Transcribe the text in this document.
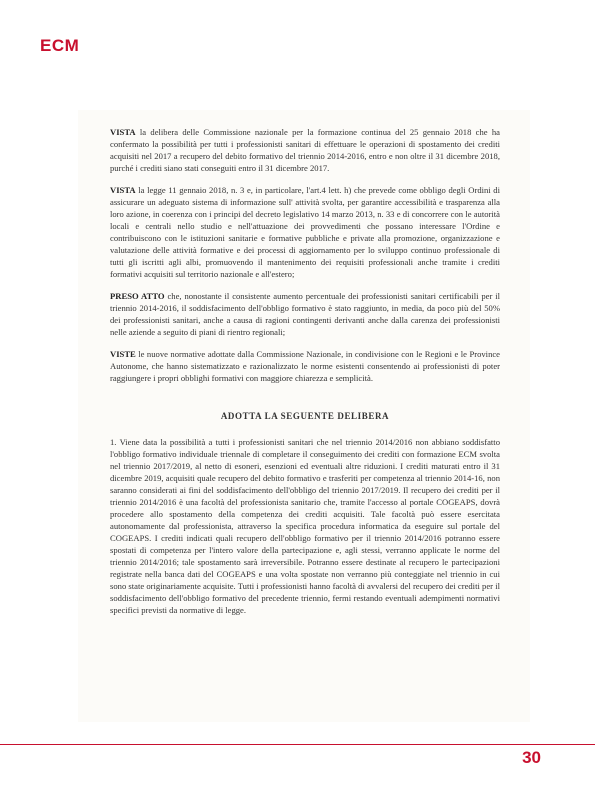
ECM

VISTA la delibera delle Commissione nazionale per la formazione continua del 25 gennaio 2018 che ha confermato la possibilità per tutti i professionisti sanitari di effettuare le operazioni di spostamento dei crediti acquisiti nel 2017 a recupero del debito formativo del triennio 2014-2016, entro e non oltre il 31 dicembre 2018, purché i crediti siano stati conseguiti entro il 31 dicembre 2017.

VISTA la legge 11 gennaio 2018, n. 3 e, in particolare, l'art.4 lett. h) che prevede come obbligo degli Ordini di assicurare un adeguato sistema di informazione sull' attività svolta, per garantire accessibilità e trasparenza alla loro azione, in coerenza con i principi del decreto legislativo 14 marzo 2013, n. 33 e di concorrere con le autorità locali e centrali nello studio e nell'attuazione dei provvedimenti che possano interessare l'Ordine e contribuiscono con le istituzioni sanitarie e formative pubbliche e private alla promozione, organizzazione e valutazione delle attività formative e dei processi di aggiornamento per lo sviluppo continuo professionale di tutti gli iscritti agli albi, promuovendo il mantenimento dei requisiti professionali anche tramite i crediti formativi acquisiti sul territorio nazionale e all'estero;

PRESO ATTO che, nonostante il consistente aumento percentuale dei professionisti sanitari certificabili per il triennio 2014-2016, il soddisfacimento dell'obbligo formativo è stato raggiunto, in media, da poco più del 50% dei professionisti sanitari, anche a causa di ragioni contingenti derivanti anche dalla carenza dei professionisti nelle aziende a seguito di piani di rientro regionali;

VISTE le nuove normative adottate dalla Commissione Nazionale, in condivisione con le Regioni e le Province Autonome, che hanno sistematizzato e razionalizzato le norme esistenti consentendo ai professionisti di poter raggiungere i propri obblighi formativi con maggiore chiarezza e semplicità.

ADOTTA LA SEGUENTE DELIBERA

1. Viene data la possibilità a tutti i professionisti sanitari che nel triennio 2014/2016 non abbiano soddisfatto l'obbligo formativo individuale triennale di completare il conseguimento dei crediti con formazione ECM svolta nel triennio 2017/2019, al netto di esoneri, esenzioni ed eventuali altre riduzioni. I crediti maturati entro il 31 dicembre 2019, acquisiti quale recupero del debito formativo e trasferiti per competenza al triennio 2014-16, non saranno considerati ai fini del soddisfacimento dell'obbligo del triennio 2017/2019. Il recupero dei crediti per il triennio 2014/2016 è una facoltà del professionista sanitario che, tramite l'accesso al portale COGEAPS, dovrà procedere allo spostamento della competenza dei crediti acquisiti. Tale facoltà può essere esercitata autonomamente dal professionista, attraverso la specifica procedura informatica da eseguire sul portale del COGEAPS. I crediti indicati quali recupero dell'obbligo formativo per il triennio 2014/2016 potranno essere spostati di competenza per l'intero valore della partecipazione e, agli stessi, verranno applicate le norme del triennio 2014/2016; tale spostamento sarà irreversibile. Potranno essere destinate al recupero le partecipazioni registrate nella banca dati del COGEAPS e una volta spostate non verranno più conteggiate nel triennio in cui sono state originariamente acquisite. Tutti i professionisti hanno facoltà di avvalersi del recupero dei crediti per il soddisfacimento dell'obbligo formativo del precedente triennio, fermi restando eventuali adempimenti normativi specifici previsti da normative di legge.

30
